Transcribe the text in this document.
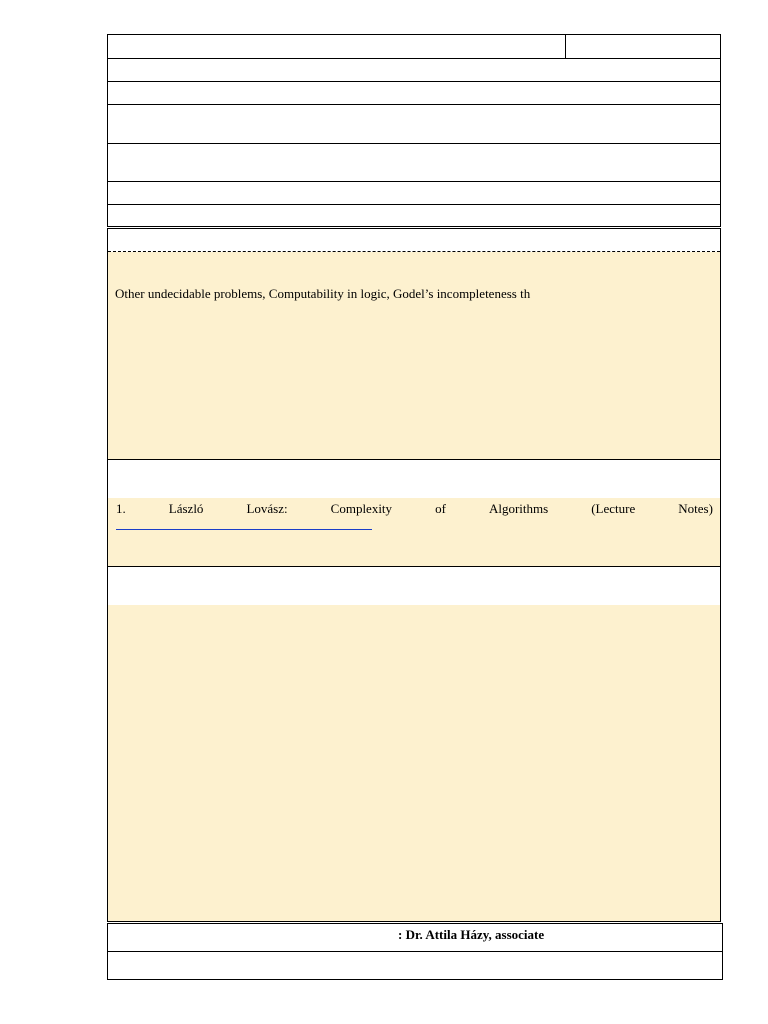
Other undecidable problems, Computability in logic, Godel’s incompleteness th
1.	László	Lovász:	Complexity	of	Algorithms	(Lecture	Notes)
: Dr. Attila Házy, associate
